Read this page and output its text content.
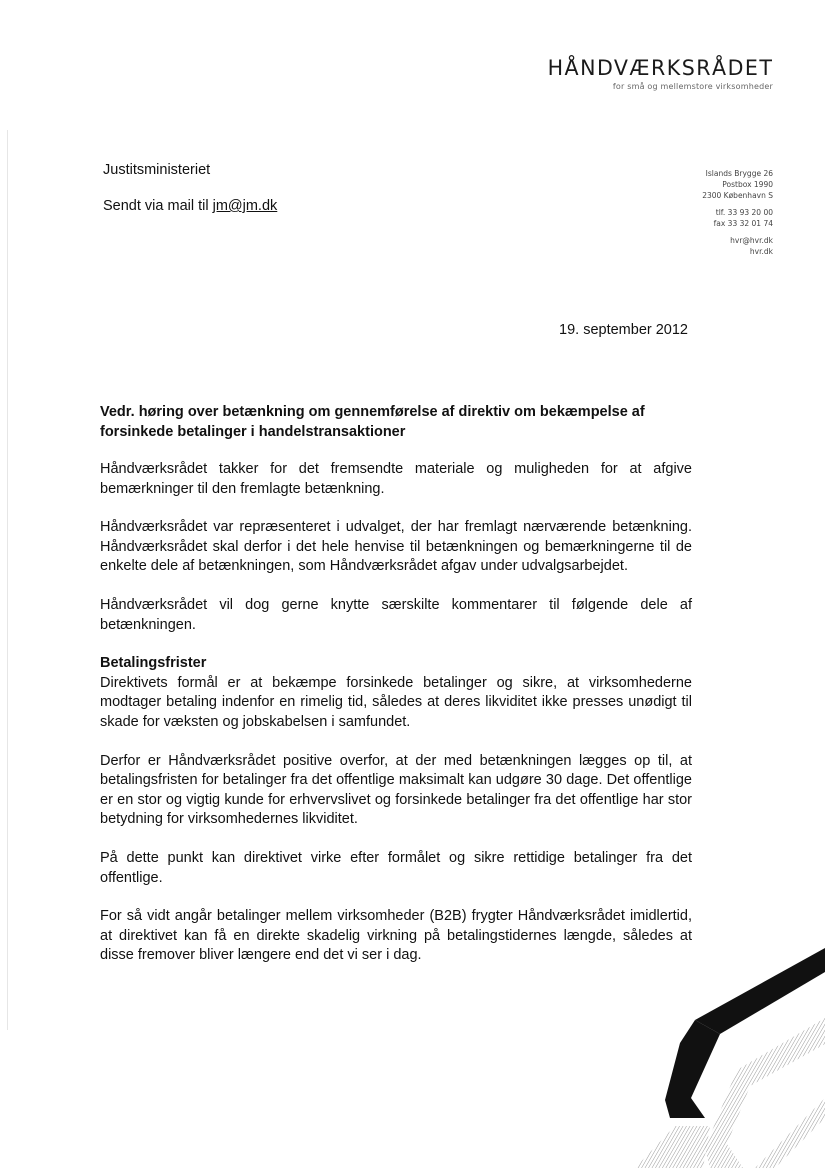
HÅNDVÆRKSRÅDET
for små og mellemstore virksomheder
Justitsministeriet
Sendt via mail til jm@jm.dk
Islands Brygge 26
Postbox 1990
2300 København S
tlf. 33 93 20 00
fax 33 32 01 74
hvr@hvr.dk
hvr.dk
19. september 2012
Vedr. høring over betænkning om gennemførelse af direktiv om bekæmpelse af forsinkede betalinger i handelstransaktioner

Håndværksrådet takker for det fremsendte materiale og muligheden for at afgive bemærkninger til den fremlagte betænkning.

Håndværksrådet var repræsenteret i udvalget, der har fremlagt nærværende betænkning. Håndværksrådet skal derfor i det hele henvise til betænkningen og bemærkningerne til de enkelte dele af betænkningen, som Håndværksrådet afgav under udvalgsarbejdet.

Håndværksrådet vil dog gerne knytte særskilte kommentarer til følgende dele af betænkningen.

Betalingsfrister

Direktivets formål er at bekæmpe forsinkede betalinger og sikre, at virksomhederne modtager betaling indenfor en rimelig tid, således at deres likviditet ikke presses unødigt til skade for væksten og jobskabelsen i samfundet.

Derfor er Håndværksrådet positive overfor, at der med betænkningen lægges op til, at betalingsfristen for betalinger fra det offentlige maksimalt kan udgøre 30 dage. Det offentlige er en stor og vigtig kunde for erhvervslivet og forsinkede betalinger fra det offentlige har stor betydning for virksomhedernes likviditet.

På dette punkt kan direktivet virke efter formålet og sikre rettidige betalinger fra det offentlige.

For så vidt angår betalinger mellem virksomheder (B2B) frygter Håndværksrådet imidlertid, at direktivet kan få en direkte skadelig virkning på betalingstidernes længde, således at disse fremover bliver længere end det vi ser i dag.
